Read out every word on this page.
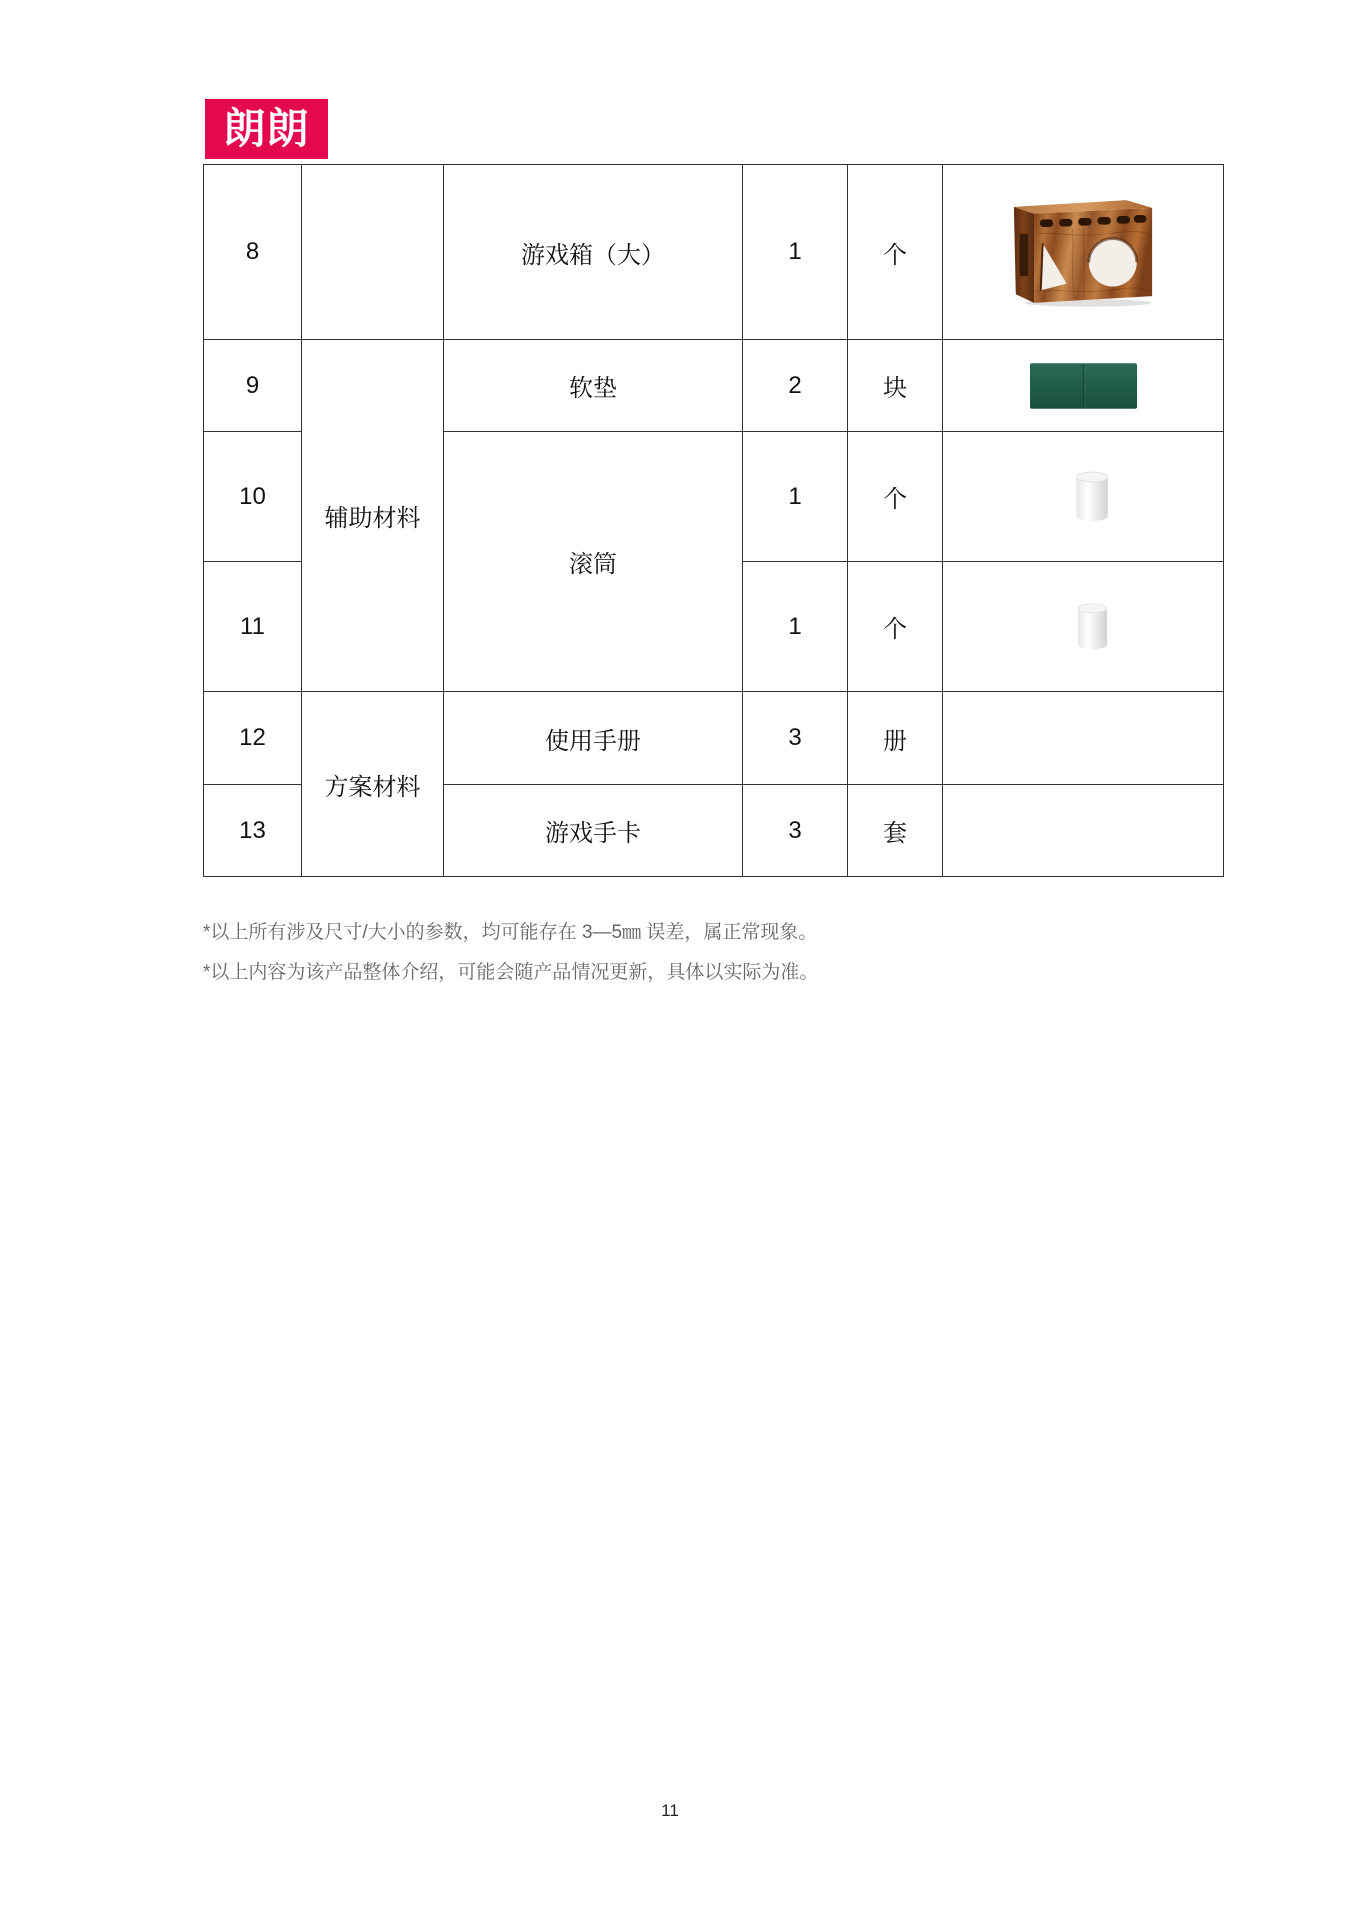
朗朗
8		游戏箱（大）	1	个	
9	辅助材料	软垫	2	块	
10		滚筒	1	个	
11			1	个	
12	方案材料	使用手册	3	册	
13		游戏手卡	3	套	
*以上所有涉及尺寸/大小的参数，均可能存在 3—5㎜ 误差，属正常现象。
*以上内容为该产品整体介绍，可能会随产品情况更新，具体以实际为准。
11
